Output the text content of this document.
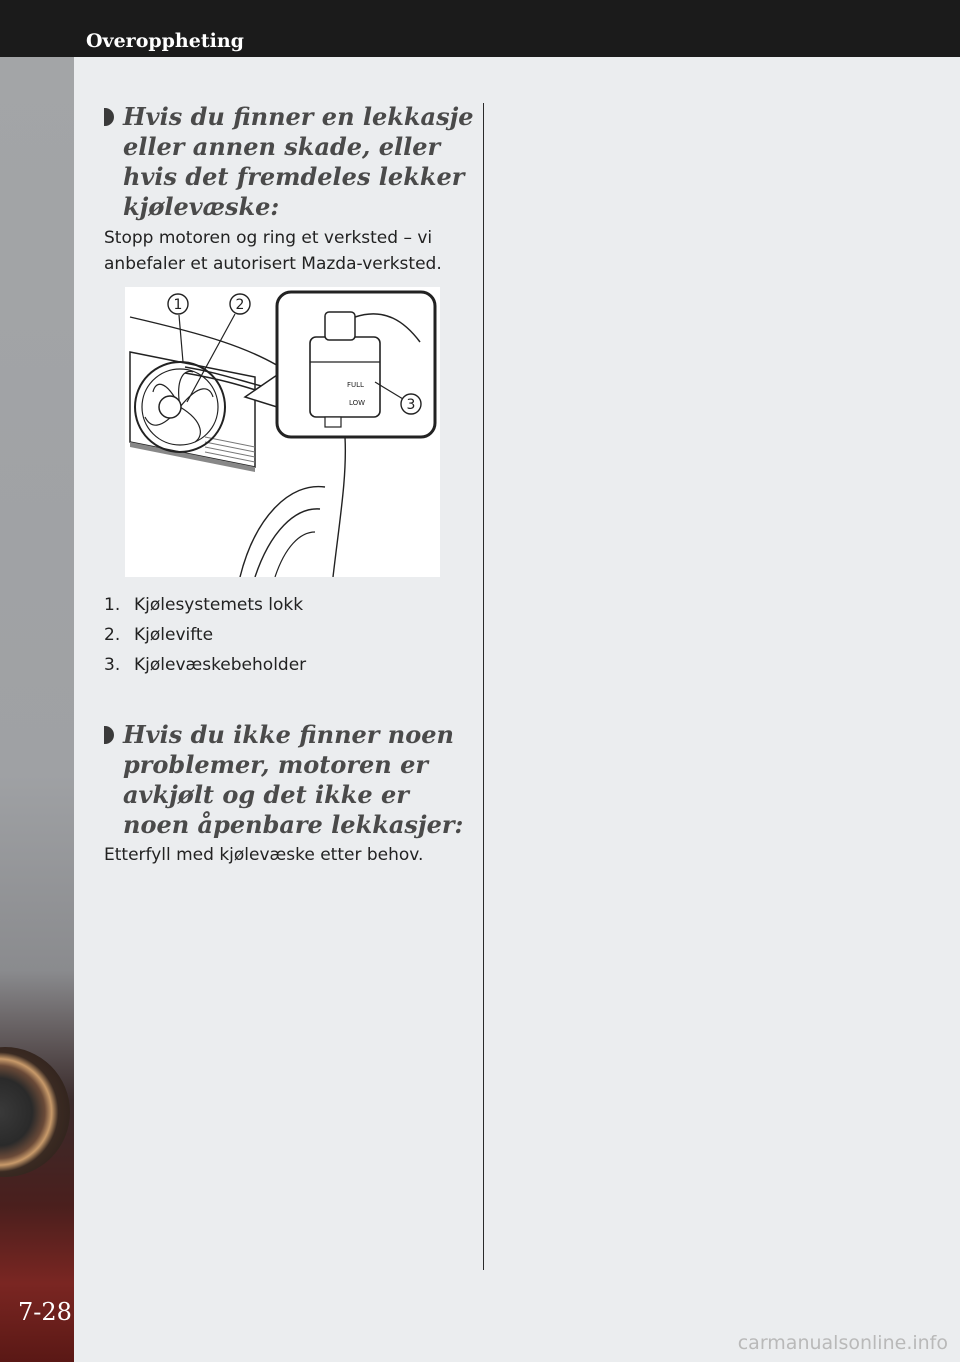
Overoppheting
7-28
Hvis du finner en lekkasje eller annen skade, eller hvis det fremdeles lekker kjølevæske:
Stopp motoren og ring et verksted – vi anbefaler et autorisert Mazda-verksted.
FULL
LOW
1	2
3
1. Kjølesystemets lokk
2. Kjølevifte
3. Kjølevæskebeholder
Hvis du ikke finner noen problemer, motoren er avkjølt og det ikke er noen åpenbare lekkasjer:
Etterfyll med kjølevæske etter behov.
carmanualsonline.info
